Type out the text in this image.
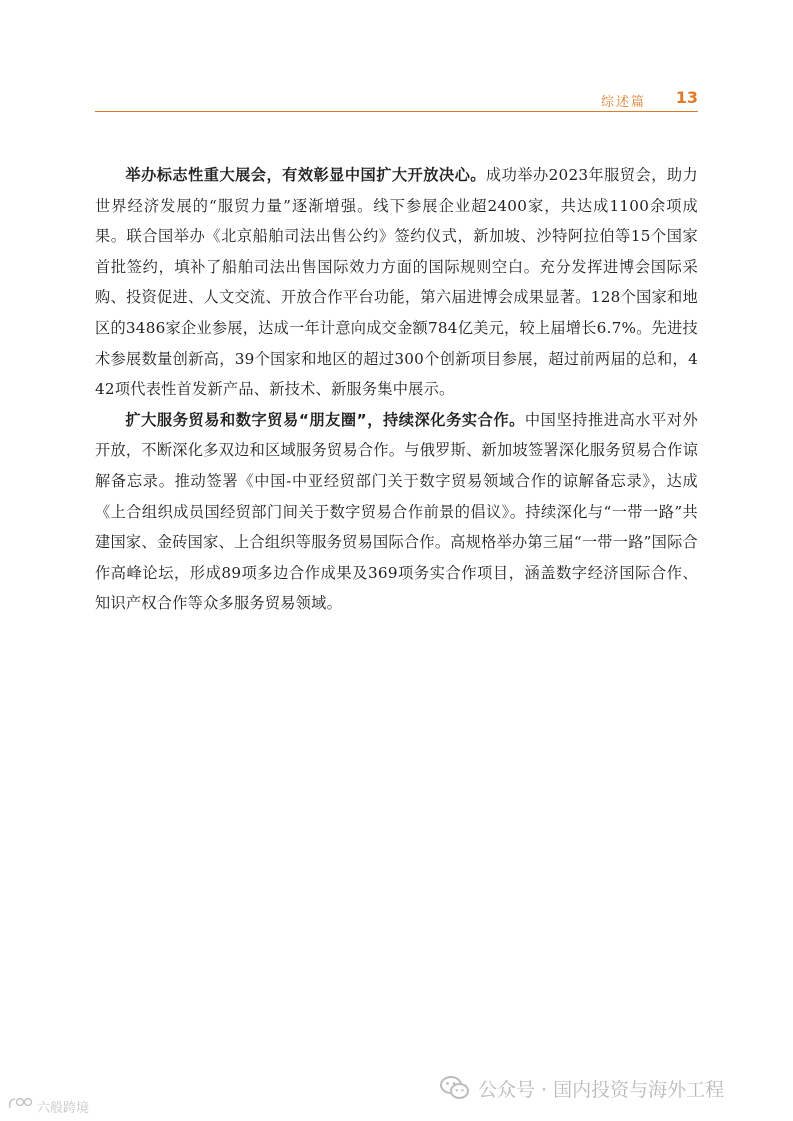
综述篇 13

举办标志性重大展会，有效彰显中国扩大开放决心。成功举办2023年服贸会，助力世界经济发展的“服贸力量”逐渐增强。线下参展企业超2400家，共达成1100余项成果。联合国举办《北京船舶司法出售公约》签约仪式，新加坡、沙特阿拉伯等15个国家首批签约，填补了船舶司法出售国际效力方面的国际规则空白。充分发挥进博会国际采购、投资促进、人文交流、开放合作平台功能，第六届进博会成果显著。128个国家和地区的3486家企业参展，达成一年计意向成交金额784亿美元，较上届增长6.7%。先进技术参展数量创新高，39个国家和地区的超过300个创新项目参展，超过前两届的总和，442项代表性首发新产品、新技术、新服务集中展示。

扩大服务贸易和数字贸易“朋友圈”，持续深化务实合作。中国坚持推进高水平对外开放，不断深化多双边和区域服务贸易合作。与俄罗斯、新加坡签署深化服务贸易合作谅解备忘录。推动签署《中国-中亚经贸部门关于数字贸易领域合作的谅解备忘录》，达成《上合组织成员国经贸部门间关于数字贸易合作前景的倡议》。持续深化与“一带一路”共建国家、金砖国家、上合组织等服务贸易国际合作。高规格举办第三届“一带一路”国际合作高峰论坛，形成89项多边合作成果及369项务实合作项目，涵盖数字经济国际合作、知识产权合作等众多服务贸易领域。

公众号 · 国内投资与海外工程
六般跨境
